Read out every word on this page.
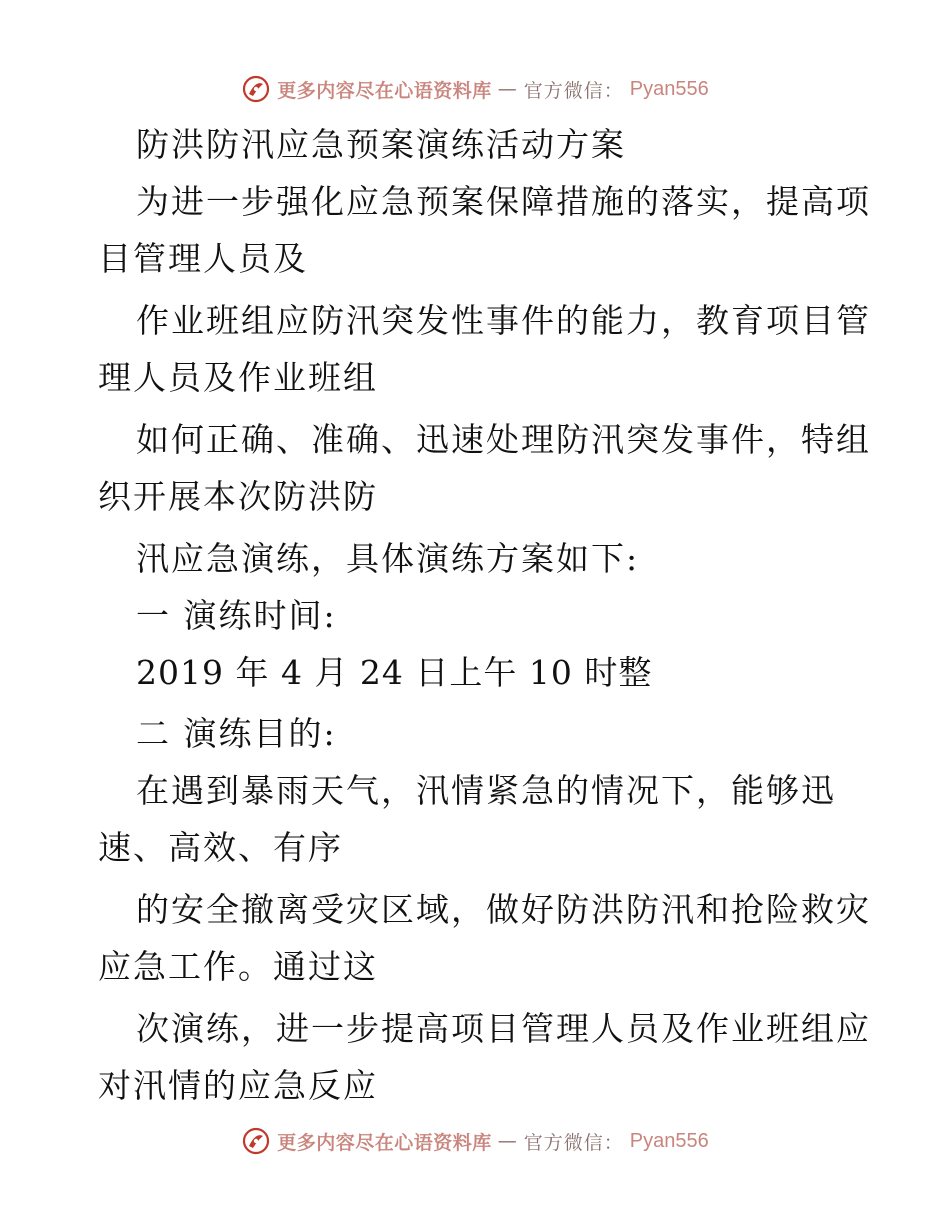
更多内容尽在心语资料库 — 官方微信： Pyan556
防洪防汛应急预案演练活动方案
为进一步强化应急预案保障措施的落实，提高项
目管理人员及
作业班组应防汛突发性事件的能力，教育项目管
理人员及作业班组
如何正确、准确、迅速处理防汛突发事件，特组
织开展本次防洪防
汛应急演练，具体演练方案如下:
一 演练时间:
2019 年 4 月 24 日上午 10 时整
二 演练目的:
在遇到暴雨天气，汛情紧急的情况下，能够迅
速、高效、有序
的安全撤离受灾区域，做好防洪防汛和抢险救灾
应急工作。通过这
次演练，进一步提高项目管理人员及作业班组应
对汛情的应急反应
更多内容尽在心语资料库 — 官方微信： Pyan556
